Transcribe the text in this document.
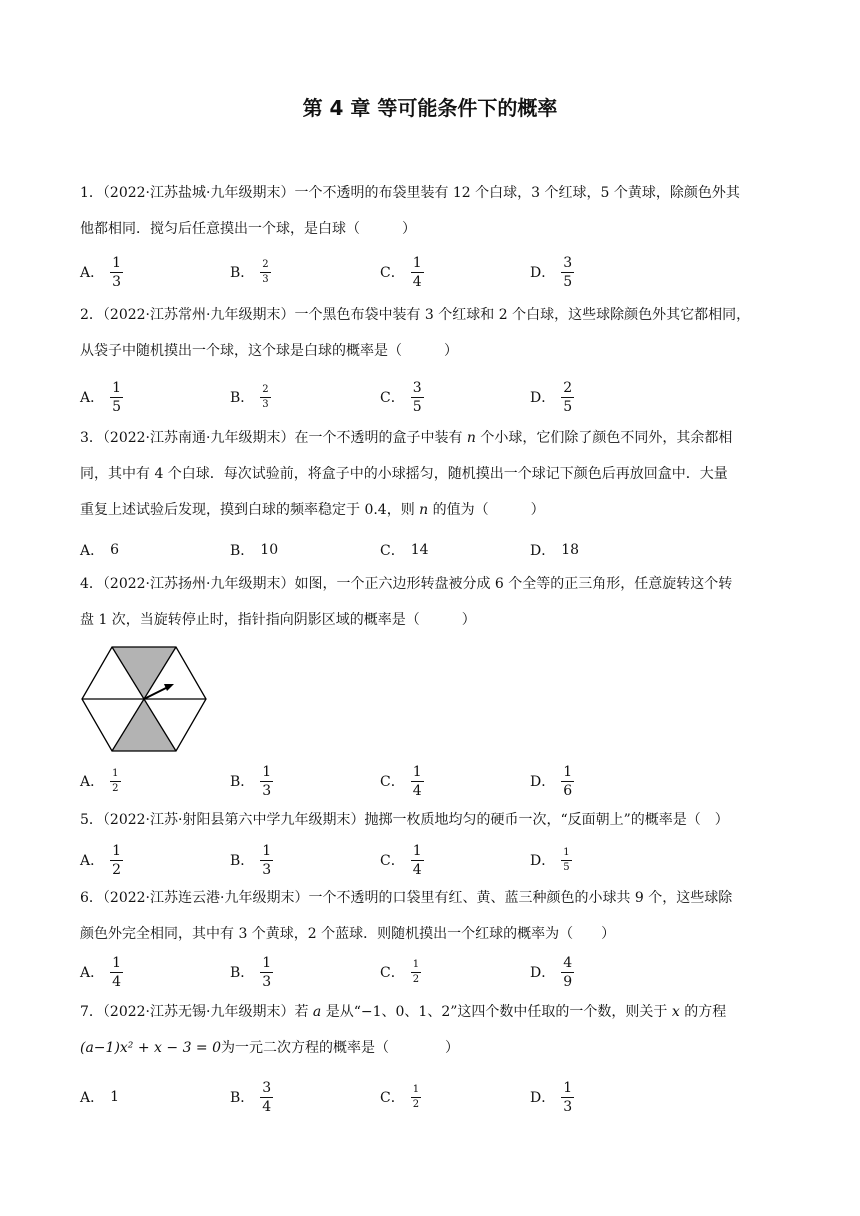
第 4 章 等可能条件下的概率

1．（2022·江苏盐城·九年级期末）一个不透明的布袋里装有 12 个白球，3 个红球，5 个黄球，除颜色外其

他都相同．搅匀后任意摸出一个球，是白球（　　　）

A． $\frac{1}{3}$	B． $\frac{2}{3}$	C． $\frac{1}{4}$	D． $\frac{3}{5}$

2．（2022·江苏常州·九年级期末）一个黑色布袋中装有 3 个红球和 2 个白球，这些球除颜色外其它都相同，

从袋子中随机摸出一个球，这个球是白球的概率是（　　　）

A． $\frac{1}{5}$	B． $\frac{2}{3}$	C． $\frac{3}{5}$	D． $\frac{2}{5}$

3．（2022·江苏南通·九年级期末）在一个不透明的盒子中装有 n 个小球，它们除了颜色不同外，其余都相

同，其中有 4 个白球．每次试验前，将盒子中的小球摇匀，随机摸出一个球记下颜色后再放回盒中．大量

重复上述试验后发现，摸到白球的频率稳定于 0.4，则 n 的值为（　　　）

A． 6	B． 10	C． 14	D． 18

4．（2022·江苏扬州·九年级期末）如图，一个正六边形转盘被分成 6 个全等的正三角形，任意旋转这个转

盘 1 次，当旋转停止时，指针指向阴影区域的概率是（　　　）

A． $\frac{1}{2}$	B． $\frac{1}{3}$	C． $\frac{1}{4}$	D． $\frac{1}{6}$

5．（2022·江苏·射阳县第六中学九年级期末）抛掷一枚质地均匀的硬币一次，“反面朝上”的概率是（　）

A． $\frac{1}{2}$	B． $\frac{1}{3}$	C． $\frac{1}{4}$	D． $\frac{1}{5}$

6．（2022·江苏连云港·九年级期末）一个不透明的口袋里有红、黄、蓝三种颜色的小球共 9 个，这些球除

颜色外完全相同，其中有 3 个黄球，2 个蓝球．则随机摸出一个红球的概率为（　　）

A． $\frac{1}{4}$	B． $\frac{1}{3}$	C． $\frac{1}{2}$	D． $\frac{4}{9}$

7．（2022·江苏无锡·九年级期末）若 a 是从“−1、0、1、2”这四个数中任取的一个数，则关于 x 的方程

(a−1)x² + x − 3 = 0为一元二次方程的概率是（　　　　）

A． 1	B． $\frac{3}{4}$	C． $\frac{1}{2}$	D． $\frac{1}{3}$
